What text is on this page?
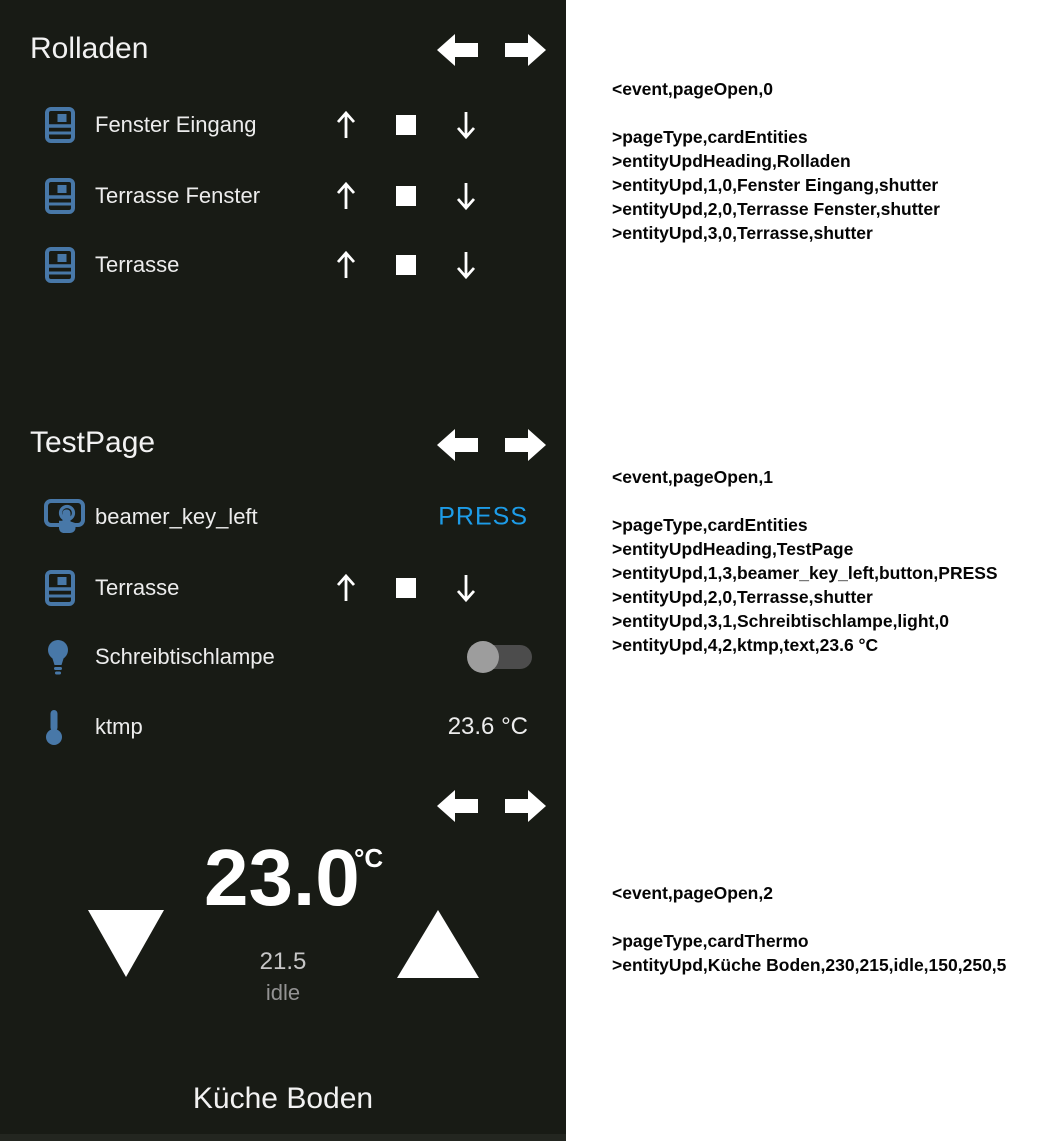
Rolladen
Fenster Eingang
Terrasse Fenster
Terrasse
TestPage
beamer_key_left	PRESS
Terrasse
Schreibtischlampe
ktmp	23.6 °C
23.0
°C
21.5
idle
Küche Boden
<event,pageOpen,0
>pageType,cardEntities
>entityUpdHeading,Rolladen
>entityUpd,1,0,Fenster Eingang,shutter
>entityUpd,2,0,Terrasse Fenster,shutter
>entityUpd,3,0,Terrasse,shutter
<event,pageOpen,1
>pageType,cardEntities
>entityUpdHeading,TestPage
>entityUpd,1,3,beamer_key_left,button,PRESS
>entityUpd,2,0,Terrasse,shutter
>entityUpd,3,1,Schreibtischlampe,light,0
>entityUpd,4,2,ktmp,text,23.6 °C
<event,pageOpen,2
>pageType,cardThermo
>entityUpd,Küche Boden,230,215,idle,150,250,5
